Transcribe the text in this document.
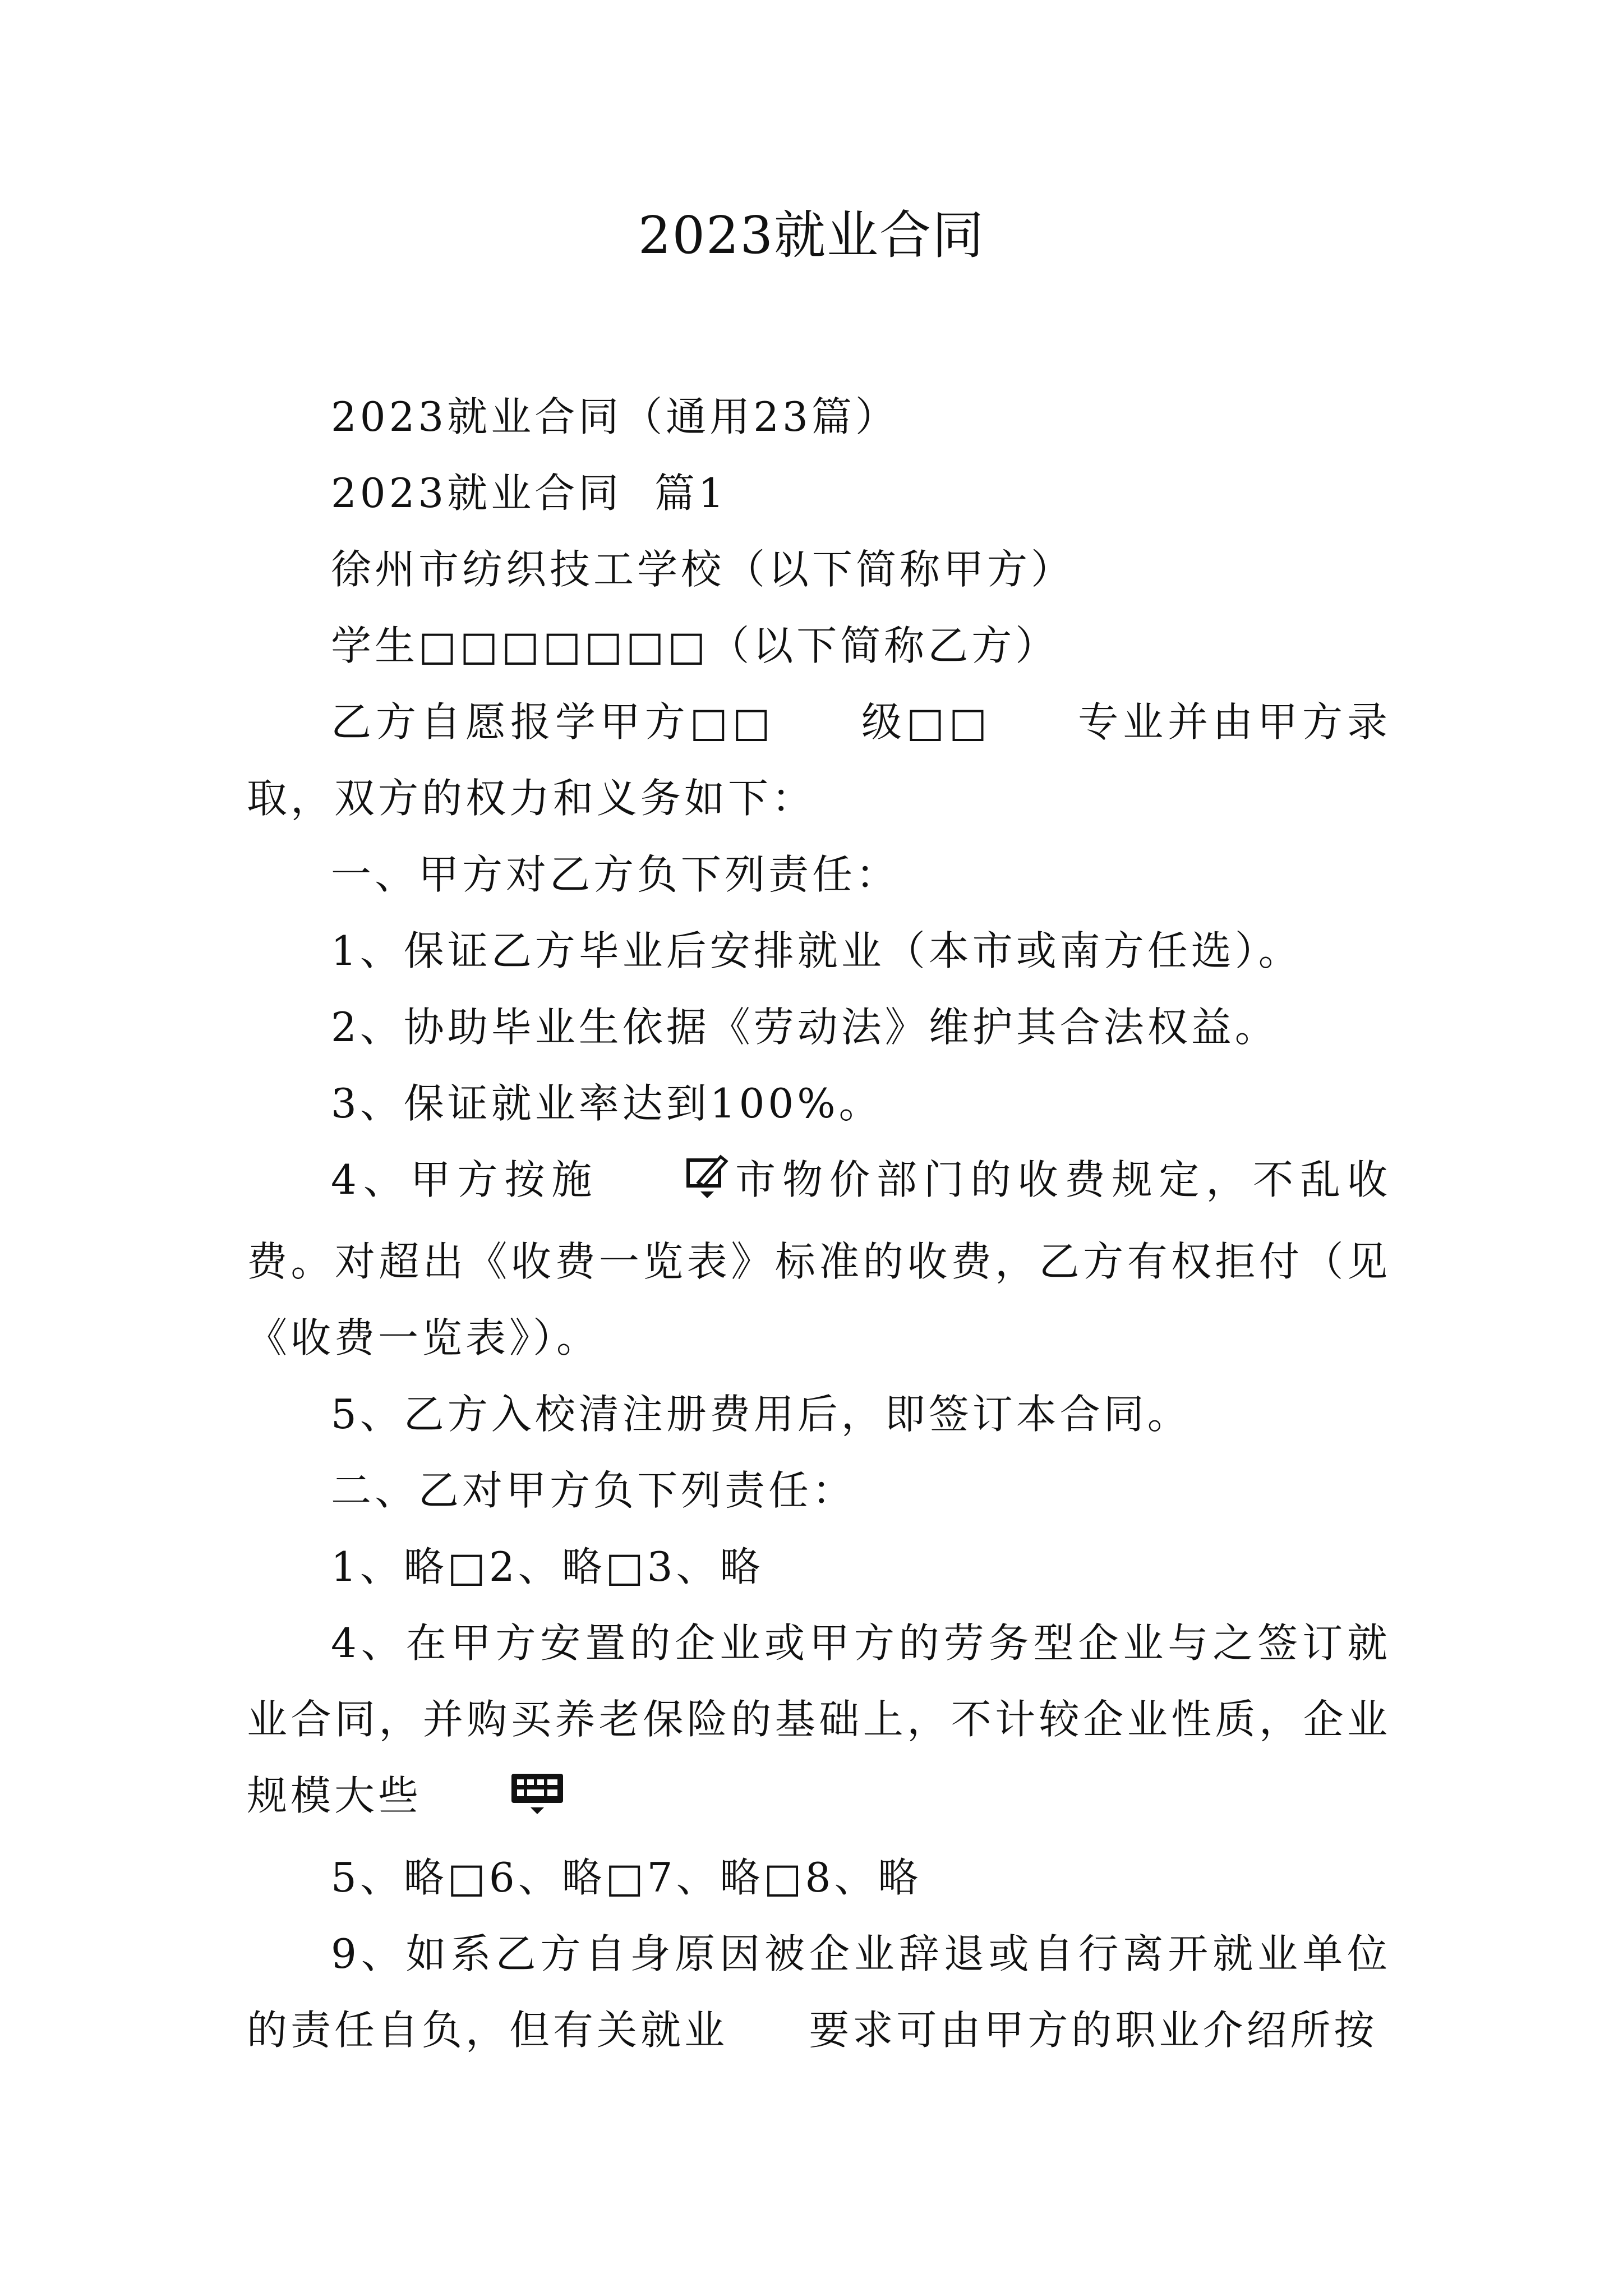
2023就业合同

2023就业合同（通用23篇）

2023就业合同  篇1

徐州市纺织技工学校（以下简称甲方）

学生□□□□□□□（以下简称乙方）

乙方自愿报学甲方□□     级□□     专业并由甲方录取，双方的权力和义务如下：

一、甲方对乙方负下列责任：

1、保证乙方毕业后安排就业（本市或南方任选）。

2、协助毕业生依据《劳动法》维护其合法权益。

3、保证就业率达到100%。

4、甲方按施	市物价部门的收费规定，不乱收费。对超出《收费一览表》标准的收费，乙方有权拒付（见《收费一览表》）。

5、乙方入校清注册费用后，即签订本合同。

二、乙对甲方负下列责任：

1、略□2、略□3、略

4、在甲方安置的企业或甲方的劳务型企业与之签订就业合同，并购买养老保险的基础上，不计较企业性质，企业规模大些

5、略□6、略□7、略□8、略

9、如系乙方自身原因被企业辞退或自行离开就业单位的责任自负，但有关就业     要求可由甲方的职业介绍所按
